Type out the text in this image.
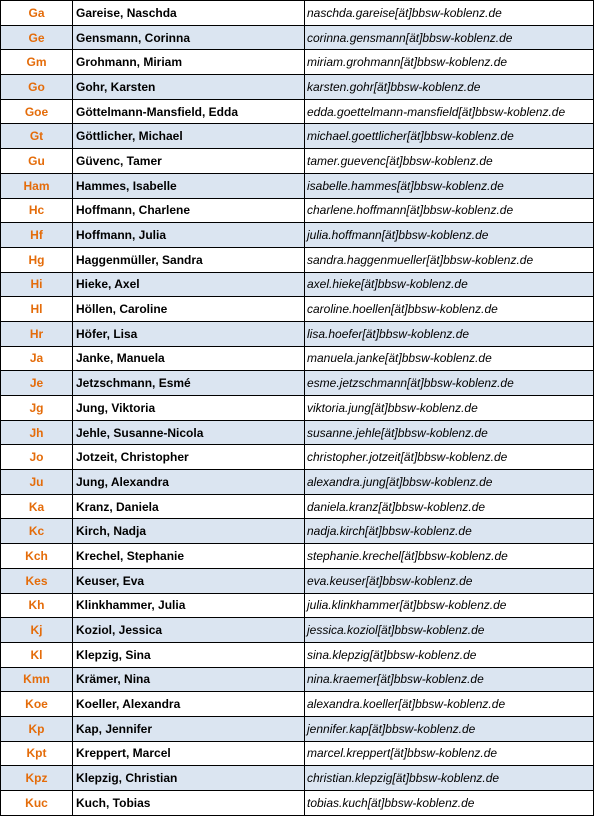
Ga	Gareise, Naschda	naschda.gareise[ät]bbsw-koblenz.de
Ge	Gensmann, Corinna	corinna.gensmann[ät]bbsw-koblenz.de
Gm	Grohmann, Miriam	miriam.grohmann[ät]bbsw-koblenz.de
Go	Gohr, Karsten	karsten.gohr[ät]bbsw-koblenz.de
Goe	Göttelmann-Mansfield, Edda	edda.goettelmann-mansfield[ät]bbsw-koblenz.de
Gt	Göttlicher, Michael	michael.goettlicher[ät]bbsw-koblenz.de
Gu	Güvenc, Tamer	tamer.guevenc[ät]bbsw-koblenz.de
Ham	Hammes, Isabelle	isabelle.hammes[ät]bbsw-koblenz.de
Hc	Hoffmann, Charlene	charlene.hoffmann[ät]bbsw-koblenz.de
Hf	Hoffmann, Julia	julia.hoffmann[ät]bbsw-koblenz.de
Hg	Haggenmüller, Sandra	sandra.haggenmueller[ät]bbsw-koblenz.de
Hi	Hieke, Axel	axel.hieke[ät]bbsw-koblenz.de
Hl	Höllen, Caroline	caroline.hoellen[ät]bbsw-koblenz.de
Hr	Höfer, Lisa	lisa.hoefer[ät]bbsw-koblenz.de
Ja	Janke, Manuela	manuela.janke[ät]bbsw-koblenz.de
Je	Jetzschmann, Esmé	esme.jetzschmann[ät]bbsw-koblenz.de
Jg	Jung, Viktoria	viktoria.jung[ät]bbsw-koblenz.de
Jh	Jehle, Susanne-Nicola	susanne.jehle[ät]bbsw-koblenz.de
Jo	Jotzeit, Christopher	christopher.jotzeit[ät]bbsw-koblenz.de
Ju	Jung, Alexandra	alexandra.jung[ät]bbsw-koblenz.de
Ka	Kranz, Daniela	daniela.kranz[ät]bbsw-koblenz.de
Kc	Kirch, Nadja	nadja.kirch[ät]bbsw-koblenz.de
Kch	Krechel, Stephanie	stephanie.krechel[ät]bbsw-koblenz.de
Kes	Keuser, Eva	eva.keuser[ät]bbsw-koblenz.de
Kh	Klinkhammer, Julia	julia.klinkhammer[ät]bbsw-koblenz.de
Kj	Koziol, Jessica	jessica.koziol[ät]bbsw-koblenz.de
Kl	Klepzig, Sina	sina.klepzig[ät]bbsw-koblenz.de
Kmn	Krämer, Nina	nina.kraemer[ät]bbsw-koblenz.de
Koe	Koeller, Alexandra	alexandra.koeller[ät]bbsw-koblenz.de
Kp	Kap, Jennifer	jennifer.kap[ät]bbsw-koblenz.de
Kpt	Kreppert, Marcel	marcel.kreppert[ät]bbsw-koblenz.de
Kpz	Klepzig, Christian	christian.klepzig[ät]bbsw-koblenz.de
Kuc	Kuch, Tobias	tobias.kuch[ät]bbsw-koblenz.de
